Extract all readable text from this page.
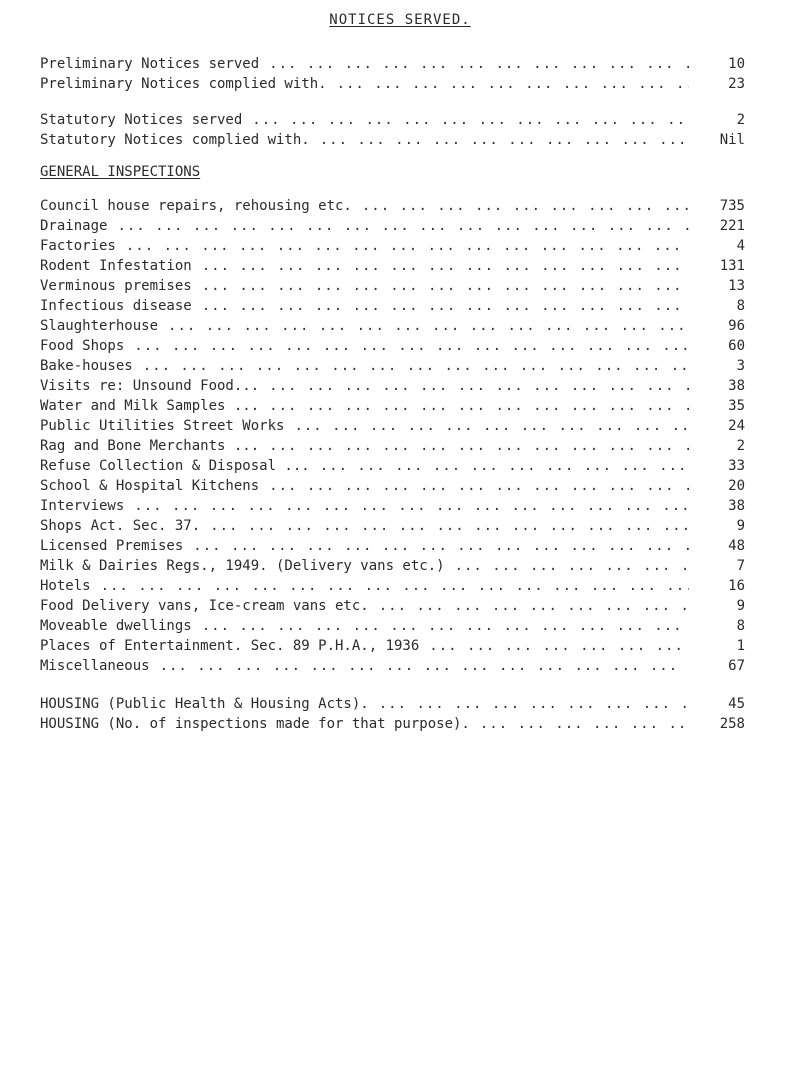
NOTICES SERVED.
Preliminary Notices served ...	10
Preliminary Notices complied with. ...	23
Statutory Notices served ...	2
Statutory Notices complied with. ...	Nil
GENERAL INSPECTIONS
Council house repairs, rehousing etc. ...	735
Drainage ...	221
Factories ...	4
Rodent Infestation ...	131
Verminous premises ...	13
Infectious disease ...	8
Slaughterhouse ...	96
Food Shops ...	60
Bake-houses ...	3
Visits re: Unsound Food... ...	38
Water and Milk Samples ... ...	35
Public Utilities Street Works ...	24
Rag and Bone Merchants ... ...	2
Refuse Collection & Disposal ... ...	33
School & Hospital Kitchens ...	20
Interviews ...	38
Shops Act. Sec. 37. ...	9
Licensed Premises ...	48
Milk & Dairies Regs., 1949. (Delivery vans etc.) ...	7
Hotels ...	16
Food Delivery vans, Ice-cream vans etc. ...	9
Moveable dwellings ...	8
Places of Entertainment. Sec. 89 P.H.A., 1936 ...	1
Miscellaneous ...	67
HOUSING (Public Health & Housing Acts). ...	45
HOUSING (No. of inspections made for that purpose). ...	258
